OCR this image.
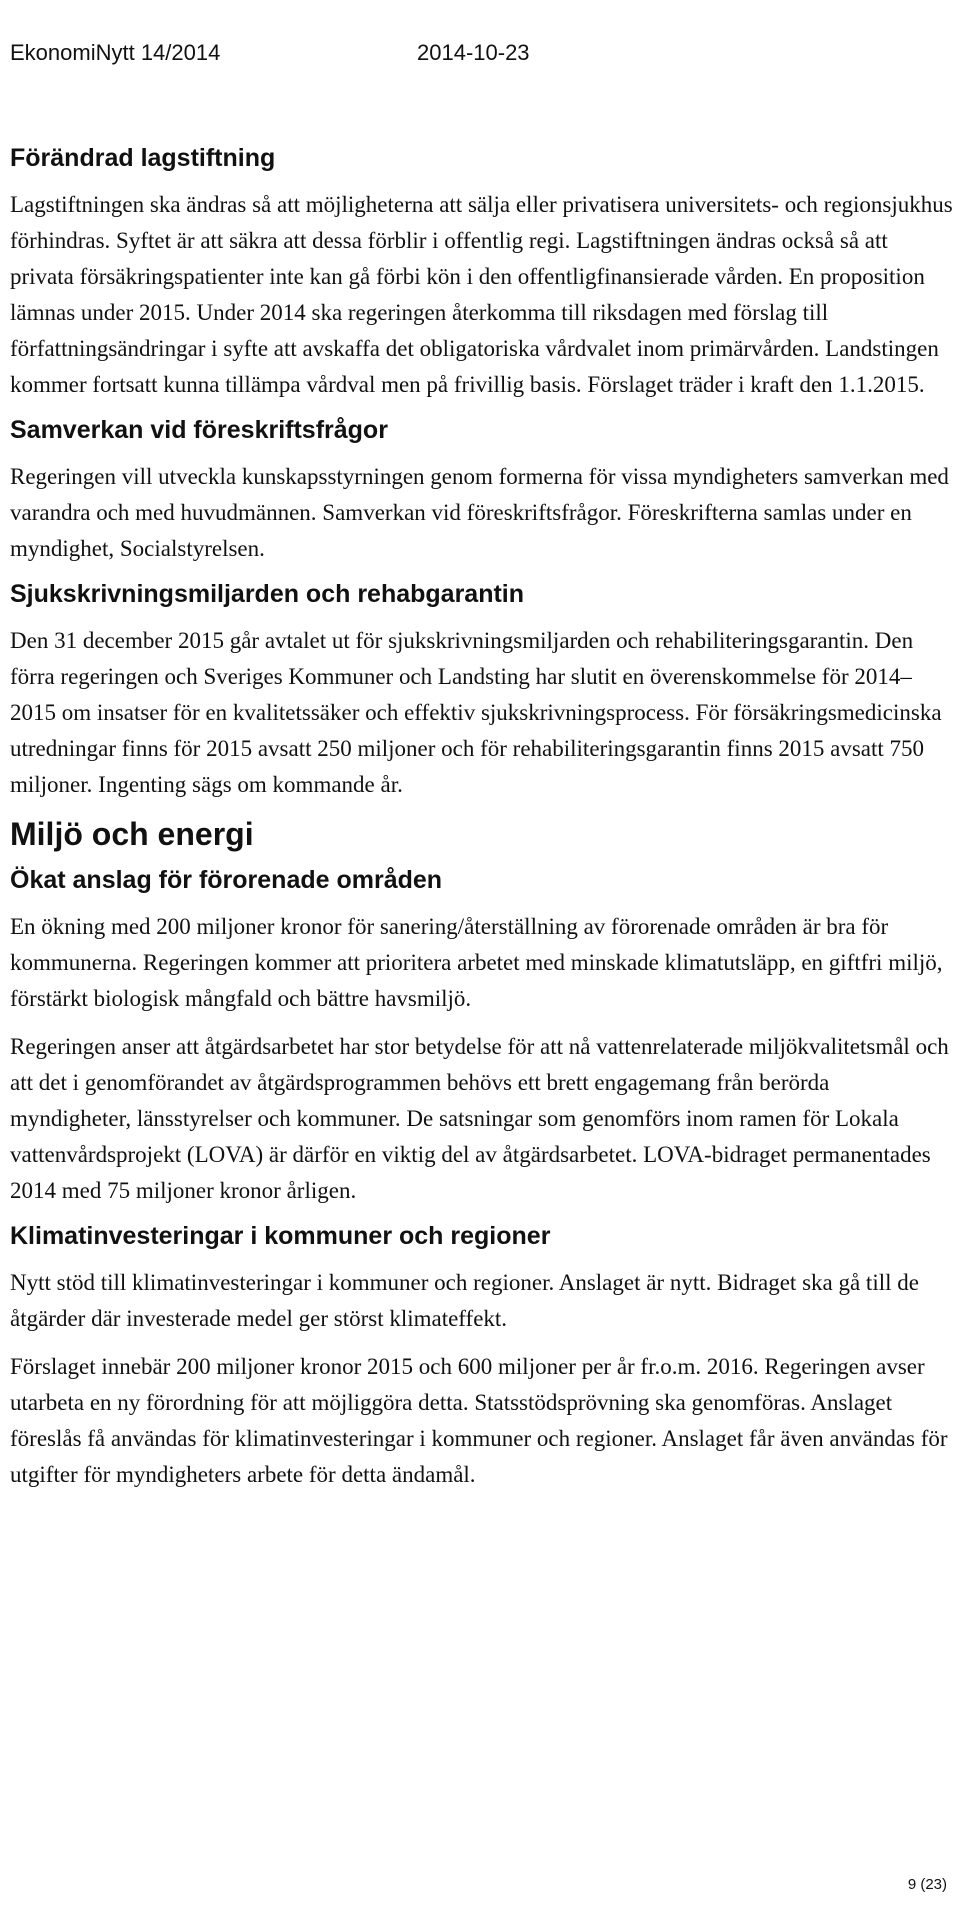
EkonomiNytt 14/2014	2014-10-23
Förändrad lagstiftning

Lagstiftningen ska ändras så att möjligheterna att sälja eller privatisera universitets- och regionsjukhus förhindras. Syftet är att säkra att dessa förblir i offentlig regi. Lagstiftningen ändras också så att privata försäkringspatienter inte kan gå förbi kön i den offentligfinansierade vården. En proposition lämnas under 2015. Under 2014 ska regeringen återkomma till riksdagen med förslag till författningsändringar i syfte att avskaffa det obligatoriska vårdvalet inom primärvården. Landstingen kommer fortsatt kunna tillämpa vårdval men på frivillig basis. Förslaget träder i kraft den 1.1.2015.

Samverkan vid föreskriftsfrågor

Regeringen vill utveckla kunskapsstyrningen genom formerna för vissa myndigheters samverkan med varandra och med huvudmännen. Samverkan vid föreskriftsfrågor. Föreskrifterna samlas under en myndighet, Socialstyrelsen.

Sjukskrivningsmiljarden och rehabgarantin

Den 31 december 2015 går avtalet ut för sjukskrivningsmiljarden och rehabiliteringsgarantin. Den förra regeringen och Sveriges Kommuner och Landsting har slutit en överenskommelse för 2014–2015 om insatser för en kvalitetssäker och effektiv sjukskrivningsprocess. För försäkringsmedicinska utredningar finns för 2015 avsatt 250 miljoner och för rehabiliteringsgarantin finns 2015 avsatt 750 miljoner. Ingenting sägs om kommande år.

Miljö och energi
Ökat anslag för förorenade områden

En ökning med 200 miljoner kronor för sanering/återställning av förorenade områden är bra för kommunerna. Regeringen kommer att prioritera arbetet med minskade klimatutsläpp, en giftfri miljö, förstärkt biologisk mångfald och bättre havsmiljö.

Regeringen anser att åtgärdsarbetet har stor betydelse för att nå vattenrelaterade miljökvalitetsmål och att det i genomförandet av åtgärdsprogrammen behövs ett brett engagemang från berörda myndigheter, länsstyrelser och kommuner. De satsningar som genomförs inom ramen för Lokala vattenvårdsprojekt (LOVA) är därför en viktig del av åtgärdsarbetet. LOVA-bidraget permanentades 2014 med 75 miljoner kronor årligen.

Klimatinvesteringar i kommuner och regioner

Nytt stöd till klimatinvesteringar i kommuner och regioner. Anslaget är nytt. Bidraget ska gå till de åtgärder där investerade medel ger störst klimateffekt.

Förslaget innebär 200 miljoner kronor 2015 och 600 miljoner per år fr.o.m. 2016. Regeringen avser utarbeta en ny förordning för att möjliggöra detta. Statsstödsprövning ska genomföras. Anslaget föreslås få användas för klimatinvesteringar i kommuner och regioner. Anslaget får även användas för utgifter för myndigheters arbete för detta ändamål.

9 (23)
